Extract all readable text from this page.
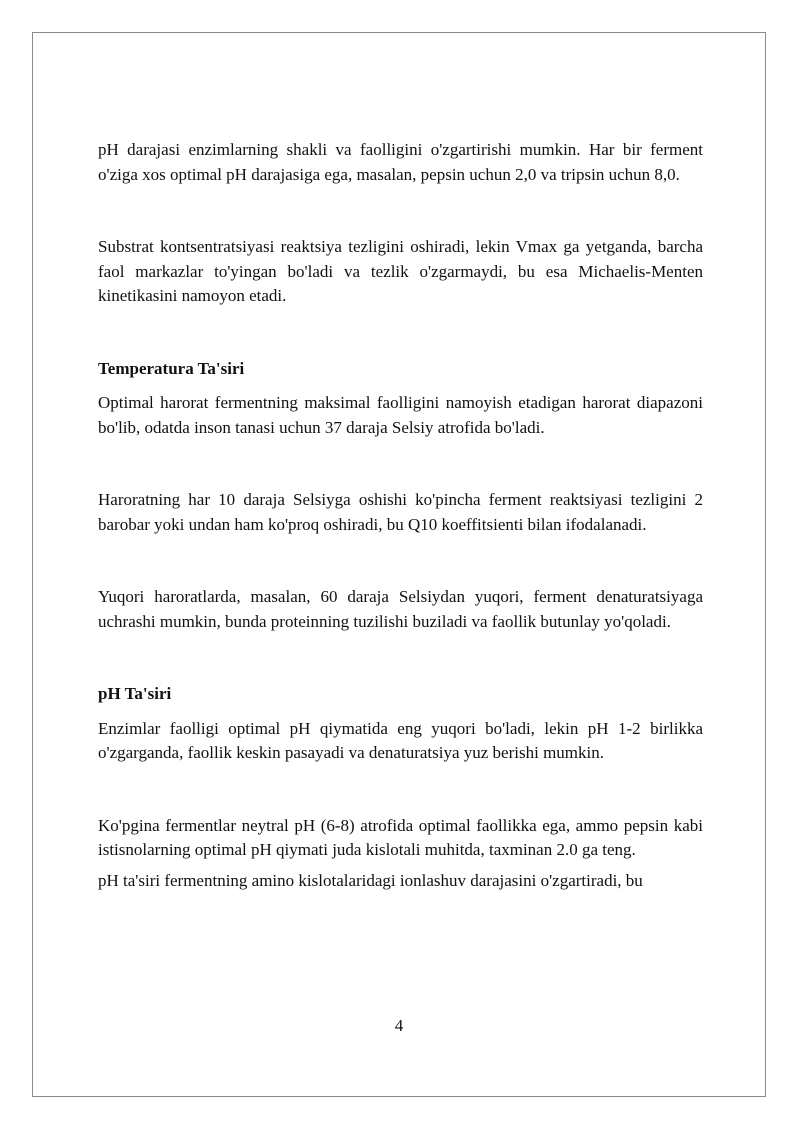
pH darajasi enzimlarning shakli va faolligini o'zgartirishi mumkin. Har bir ferment o'ziga xos optimal pH darajasiga ega, masalan, pepsin uchun 2,0 va tripsin uchun 8,0.

Substrat kontsentratsiyasi reaktsiya tezligini oshiradi, lekin Vmax ga yetganda, barcha faol markazlar to'yingan bo'ladi va tezlik o'zgarmaydi, bu esa Michaelis-Menten kinetikasini namoyon etadi.

Temperatura Ta'siri

Optimal harorat fermentning maksimal faolligini namoyish etadigan harorat diapazoni bo'lib, odatda inson tanasi uchun 37 daraja Selsiy atrofida bo'ladi.

Haroratning har 10 daraja Selsiyga oshishi ko'pincha ferment reaktsiyasi tezligini 2 barobar yoki undan ham ko'proq oshiradi, bu Q10 koeffitsienti bilan ifodalanadi.

Yuqori haroratlarda, masalan, 60 daraja Selsiydan yuqori, ferment denaturatsiyaga uchrashi mumkin, bunda proteinning tuzilishi buziladi va faollik butunlay yo'qoladi.

pH Ta'siri

Enzimlar faolligi optimal pH qiymatida eng yuqori bo'ladi, lekin pH 1-2 birlikka o'zgarganda, faollik keskin pasayadi va denaturatsiya yuz berishi mumkin.

Ko'pgina fermentlar neytral pH (6-8) atrofida optimal faollikka ega, ammo pepsin kabi istisnolarning optimal pH qiymati juda kislotali muhitda, taxminan 2.0 ga teng.

pH ta'siri fermentning amino kislotalaridagi ionlashuv darajasini o'zgartiradi, bu

4
